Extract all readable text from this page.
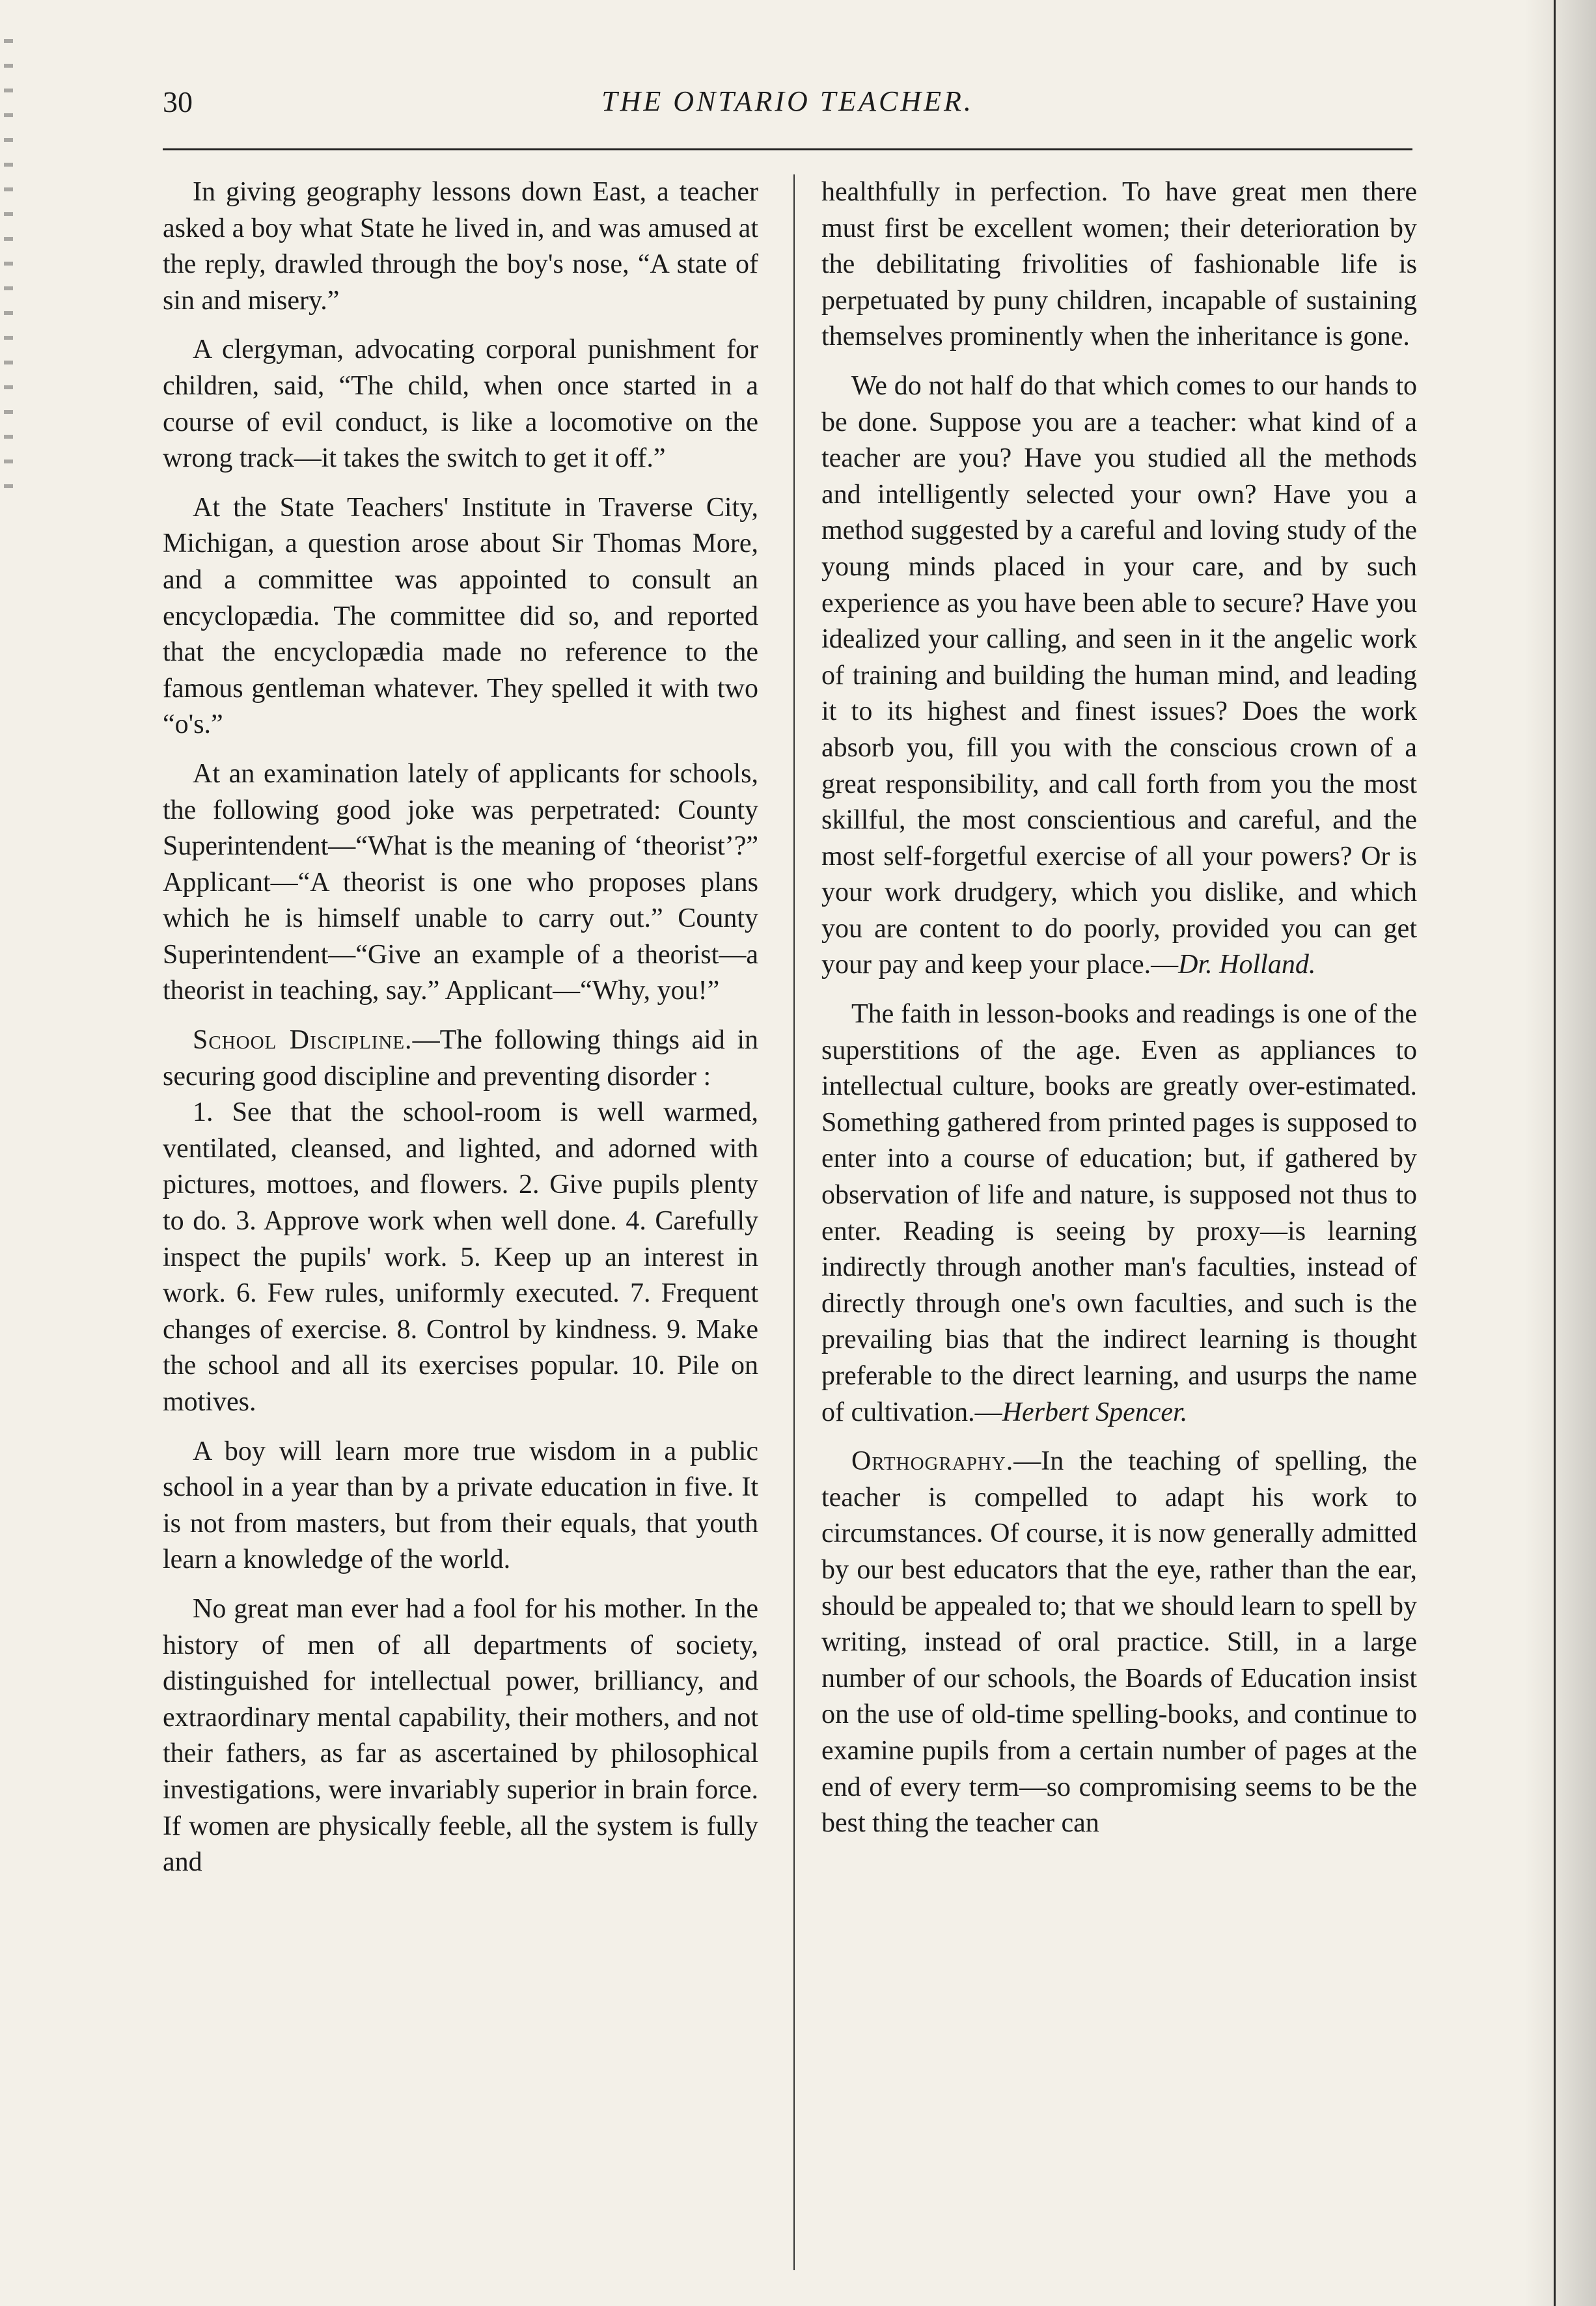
30	THE ONTARIO TEACHER.

In giving geography lessons down East, a teacher asked a boy what State he lived in, and was amused at the reply, drawled through the boy's nose, “A state of sin and misery.”

A clergyman, advocating corporal punishment for children, said, “The child, when once started in a course of evil conduct, is like a locomotive on the wrong track—it takes the switch to get it off.”

At the State Teachers' Institute in Traverse City, Michigan, a question arose about Sir Thomas More, and a committee was appointed to consult an encyclopædia. The committee did so, and reported that the encyclopædia made no reference to the famous gentleman whatever. They spelled it with two “o's.”

At an examination lately of applicants for schools, the following good joke was perpetrated: County Superintendent—“What is the meaning of ‘theorist’?” Applicant—“A theorist is one who proposes plans which he is himself unable to carry out.” County Superintendent—“Give an example of a theorist—a theorist in teaching, say.” Applicant—“Why, you!”

School Discipline.—The following things aid in securing good discipline and preventing disorder :

1. See that the school-room is well warmed, ventilated, cleansed, and lighted, and adorned with pictures, mottoes, and flowers. 2. Give pupils plenty to do. 3. Approve work when well done. 4. Carefully inspect the pupils' work. 5. Keep up an interest in work. 6. Few rules, uniformly executed. 7. Frequent changes of exercise. 8. Control by kindness. 9. Make the school and all its exercises popular. 10. Pile on motives.

A boy will learn more true wisdom in a public school in a year than by a private education in five. It is not from masters, but from their equals, that youth learn a knowledge of the world.

No great man ever had a fool for his mother. In the history of men of all departments of society, distinguished for intellectual power, brilliancy, and extraordinary mental capability, their mothers, and not their fathers, as far as ascertained by philosophical investigations, were invariably superior in brain force. If women are physically feeble, all the system is fully and

healthfully in perfection. To have great men there must first be excellent women; their deterioration by the debilitating frivolities of fashionable life is perpetuated by puny children, incapable of sustaining themselves prominently when the inheritance is gone.

We do not half do that which comes to our hands to be done. Suppose you are a teacher: what kind of a teacher are you? Have you studied all the methods and intelligently selected your own? Have you a method suggested by a careful and loving study of the young minds placed in your care, and by such experience as you have been able to secure? Have you idealized your calling, and seen in it the angelic work of training and building the human mind, and leading it to its highest and finest issues? Does the work absorb you, fill you with the conscious crown of a great responsibility, and call forth from you the most skillful, the most conscientious and careful, and the most self-forgetful exercise of all your powers? Or is your work drudgery, which you dislike, and which you are content to do poorly, provided you can get your pay and keep your place.—Dr. Holland.

The faith in lesson-books and readings is one of the superstitions of the age. Even as appliances to intellectual culture, books are greatly over-estimated. Something gathered from printed pages is supposed to enter into a course of education; but, if gathered by observation of life and nature, is supposed not thus to enter. Reading is seeing by proxy—is learning indirectly through another man's faculties, instead of directly through one's own faculties, and such is the prevailing bias that the indirect learning is thought preferable to the direct learning, and usurps the name of cultivation.—Herbert Spencer.

Orthography.—In the teaching of spelling, the teacher is compelled to adapt his work to circumstances. Of course, it is now generally admitted by our best educators that the eye, rather than the ear, should be appealed to; that we should learn to spell by writing, instead of oral practice. Still, in a large number of our schools, the Boards of Education insist on the use of old-time spelling-books, and continue to examine pupils from a certain number of pages at the end of every term—so compromising seems to be the best thing the teacher can
